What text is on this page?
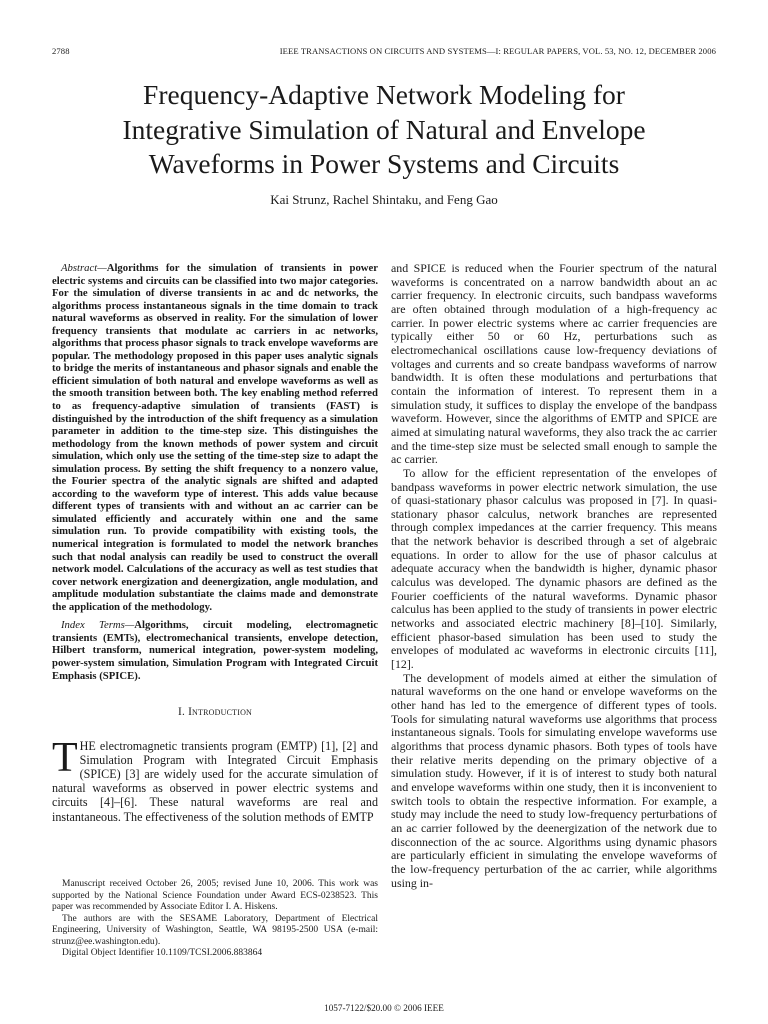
2788	IEEE TRANSACTIONS ON CIRCUITS AND SYSTEMS—I: REGULAR PAPERS, VOL. 53, NO. 12, DECEMBER 2006
Frequency-Adaptive Network Modeling for
Integrative Simulation of Natural and Envelope
Waveforms in Power Systems and Circuits
Kai Strunz, Rachel Shintaku, and Feng Gao

Abstract—Algorithms for the simulation of transients in power electric systems and circuits can be classified into two major categories. For the simulation of diverse transients in ac and dc networks, the algorithms process instantaneous signals in the time domain to track natural waveforms as observed in reality. For the simulation of lower frequency transients that modulate ac carriers in ac networks, algorithms that process phasor signals to track envelope waveforms are popular. The methodology proposed in this paper uses analytic signals to bridge the merits of instantaneous and phasor signals and enable the efficient simulation of both natural and envelope waveforms as well as the smooth transition between both. The key enabling method referred to as frequency-adaptive simulation of transients (FAST) is distinguished by the introduction of the shift frequency as a simulation parameter in addition to the time-step size. This distinguishes the methodology from the known methods of power system and circuit simulation, which only use the setting of the time-step size to adapt the simulation process. By setting the shift frequency to a nonzero value, the Fourier spectra of the analytic signals are shifted and adapted according to the waveform type of interest. This adds value because different types of transients with and without an ac carrier can be simulated efficiently and accurately within one and the same simulation run. To provide compatibility with existing tools, the numerical integration is formulated to model the network branches such that nodal analysis can readily be used to construct the overall network model. Calculations of the accuracy as well as test studies that cover network energization and deenergization, angle modulation, and amplitude modulation substantiate the claims made and demonstrate the application of the methodology.

Index Terms—Algorithms, circuit modeling, electromagnetic transients (EMTs), electromechanical transients, envelope detection, Hilbert transform, numerical integration, power-system modeling, power-system simulation, Simulation Program with Integrated Circuit Emphasis (SPICE).

I. Introduction

THE electromagnetic transients program (EMTP) [1], [2] and Simulation Program with Integrated Circuit Emphasis (SPICE) [3] are widely used for the accurate simulation of natural waveforms as observed in power electric systems and circuits [4]–[6]. These natural waveforms are real and instantaneous. The effectiveness of the solution methods of EMTP

and SPICE is reduced when the Fourier spectrum of the natural waveforms is concentrated on a narrow bandwidth about an ac carrier frequency. In electronic circuits, such bandpass waveforms are often obtained through modulation of a high-frequency ac carrier. In power electric systems where ac carrier frequencies are typically either 50 or 60 Hz, perturbations such as electromechanical oscillations cause low-frequency deviations of voltages and currents and so create bandpass waveforms of narrow bandwidth. It is often these modulations and perturbations that contain the information of interest. To represent them in a simulation study, it suffices to display the envelope of the bandpass waveform. However, since the algorithms of EMTP and SPICE are aimed at simulating natural waveforms, they also track the ac carrier and the time-step size must be selected small enough to sample the ac carrier.

To allow for the efficient representation of the envelopes of bandpass waveforms in power electric network simulation, the use of quasi-stationary phasor calculus was proposed in [7]. In quasi-stationary phasor calculus, network branches are represented through complex impedances at the carrier frequency. This means that the network behavior is described through a set of algebraic equations. In order to allow for the use of phasor calculus at adequate accuracy when the bandwidth is higher, dynamic phasor calculus was developed. The dynamic phasors are defined as the Fourier coefficients of the natural waveforms. Dynamic phasor calculus has been applied to the study of transients in power electric networks and associated electric machinery [8]–[10]. Similarly, efficient phasor-based simulation has been used to study the envelopes of modulated ac waveforms in electronic circuits [11], [12].

The development of models aimed at either the simulation of natural waveforms on the one hand or envelope waveforms on the other hand has led to the emergence of different types of tools. Tools for simulating natural waveforms use algorithms that process instantaneous signals. Tools for simulating envelope waveforms use algorithms that process dynamic phasors. Both types of tools have their relative merits depending on the primary objective of a simulation study. However, if it is of interest to study both natural and envelope waveforms within one study, then it is inconvenient to switch tools to obtain the respective information. For example, a study may include the need to study low-frequency perturbations of an ac carrier followed by the deenergization of the network due to disconnection of the ac source. Algorithms using dynamic phasors are particularly efficient in simulating the envelope waveforms of the low-frequency perturbation of the ac carrier, while algorithms using in-

Manuscript received October 26, 2005; revised June 10, 2006. This work was supported by the National Science Foundation under Award ECS-0238523. This paper was recommended by Associate Editor I. A. Hiskens.

The authors are with the SESAME Laboratory, Department of Electrical Engineering, University of Washington, Seattle, WA 98195-2500 USA (e-mail: strunz@ee.washington.edu).

Digital Object Identifier 10.1109/TCSI.2006.883864

1057-7122/$20.00 © 2006 IEEE
